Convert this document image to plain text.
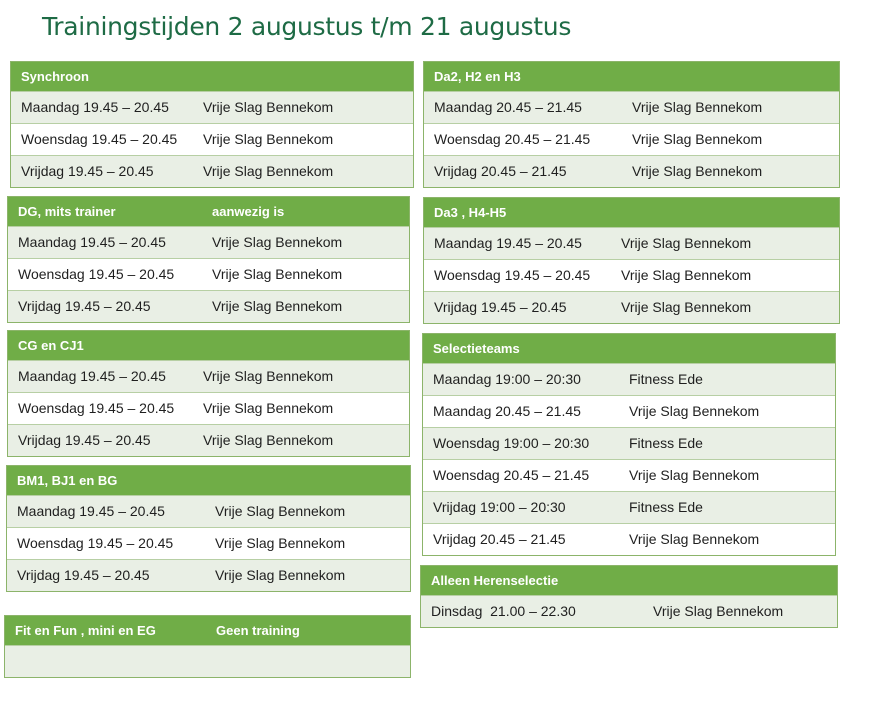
Trainingstijden 2 augustus t/m 21 augustus
Synchroon
Maandag 19.45 – 20.45 Vrije Slag Bennekom
Woensdag 19.45 – 20.45 Vrije Slag Bennekom
Vrijdag 19.45 – 20.45	Vrije Slag Bennekom
DG, mits trainer	aanwezig is
Maandag 19.45 – 20.45	Vrije Slag Bennekom
Woensdag 19.45 – 20.45	Vrije Slag Bennekom
Vrijdag 19.45 – 20.45	Vrije Slag Bennekom
CG en CJ1
Maandag 19.45 – 20.45	Vrije Slag Bennekom
Woensdag 19.45 – 20.45 Vrije Slag Bennekom
Vrijdag 19.45 – 20.45	Vrije Slag Bennekom
BM1, BJ1 en BG
Maandag 19.45 – 20.45	Vrije Slag Bennekom
Woensdag 19.45 – 20.45	Vrije Slag Bennekom
Vrijdag 19.45 – 20.45	Vrije Slag Bennekom
Fit en Fun , mini en EG	Geen training
Da2, H2 en H3
Maandag 20.45 – 21.45	Vrije Slag Bennekom
Woensdag 20.45 – 21.45	Vrije Slag Bennekom
Vrijdag 20.45 – 21.45	Vrije Slag Bennekom
Da3 , H4-H5
Maandag 19.45 – 20.45	Vrije Slag Bennekom
Woensdag 19.45 – 20.45 Vrije Slag Bennekom
Vrijdag 19.45 – 20.45	Vrije Slag Bennekom
Selectieteams
Maandag 19:00 – 20:30	Fitness Ede
Maandag 20.45 – 21.45	Vrije Slag Bennekom
Woensdag 19:00 – 20:30	Fitness Ede
Woensdag 20.45 – 21.45	Vrije Slag Bennekom
Vrijdag 19:00 – 20:30	Fitness Ede
Vrijdag 20.45 – 21.45	Vrije Slag Bennekom
Alleen Herenselectie
Dinsdag  21.00 – 22.30	Vrije Slag Bennekom
